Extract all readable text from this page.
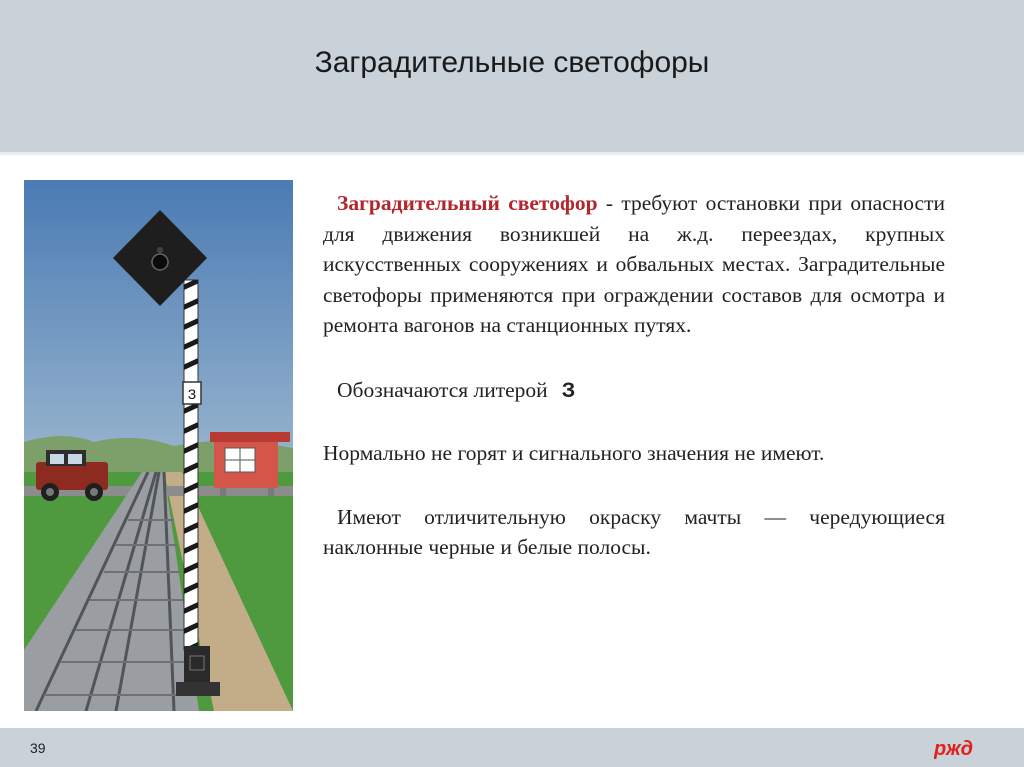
Заградительные светофоры
З

Заградительный светофор - требуют остановки при опасности для движения возникшей на ж.д. переездах, крупных искусственных сооружениях и обвальных местах. Заградительные светофоры применяются при ограждении составов для осмотра и ремонта вагонов на станционных путях.

Обозначаются литерой З

Нормально не горят и сигнального значения не имеют.

Имеют отличительную окраску мачты — чередующиеся наклонные черные и белые полосы.

39	ржд
